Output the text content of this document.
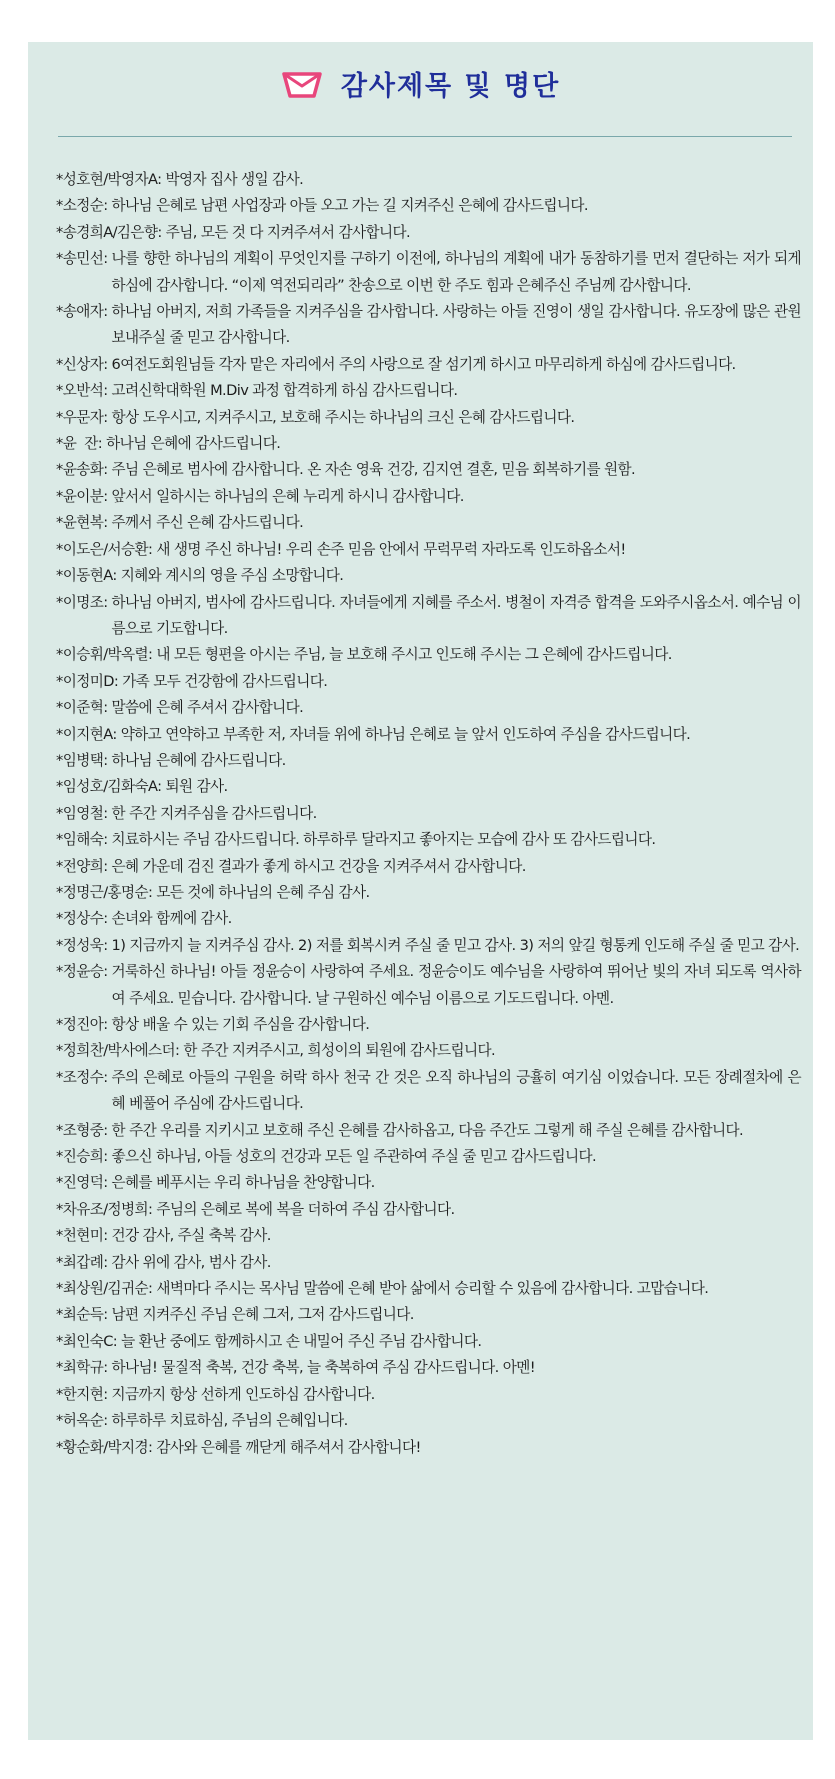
감사제목 및 명단
*성호현/박영자A: 박영자 집사 생일 감사.
*소정순: 하나님 은혜로 남편 사업장과 아들 오고 가는 길 지켜주신 은혜에 감사드립니다.
*송경희A/김은향: 주님, 모든 것 다 지켜주셔서 감사합니다.
*송민선: 나를 향한 하나님의 계획이 무엇인지를 구하기 이전에, 하나님의 계획에 내가 동참하기를 먼저 결단하는 저가 되게 하심에 감사합니다. “이제 역전되리라” 찬송으로 이번 한 주도 힘과 은혜주신 주님께 감사합니다.
*송애자: 하나님 아버지, 저희 가족들을 지켜주심을 감사합니다. 사랑하는 아들 진영이 생일 감사합니다. 유도장에 많은 관원 보내주실 줄 믿고 감사합니다.
*신상자: 6여전도회원님들 각자 맡은 자리에서 주의 사랑으로 잘 섬기게 하시고 마무리하게 하심에 감사드립니다.
*오반석: 고려신학대학원 M.Div 과정 합격하게 하심 감사드립니다.
*우문자: 항상 도우시고, 지켜주시고, 보호해 주시는 하나님의 크신 은혜 감사드립니다.
*윤  잔: 하나님 은혜에 감사드립니다.
*윤송화: 주님 은혜로 범사에 감사합니다. 온 자손 영육 건강, 김지연 결혼, 믿음 회복하기를 원함.
*윤이분: 앞서서 일하시는 하나님의 은혜 누리게 하시니 감사합니다.
*윤현복: 주께서 주신 은혜 감사드립니다.
*이도은/서승환: 새 생명 주신 하나님! 우리 손주 믿음 안에서 무럭무럭 자라도록 인도하옵소서!
*이동현A: 지혜와 계시의 영을 주심 소망합니다.
*이명조: 하나님 아버지, 범사에 감사드립니다. 자녀들에게 지혜를 주소서. 병철이 자격증 합격을 도와주시옵소서. 예수님 이름으로 기도합니다.
*이승휘/박옥렬: 내 모든 형편을 아시는 주님, 늘 보호해 주시고 인도해 주시는 그 은혜에 감사드립니다.
*이정미D: 가족 모두 건강함에 감사드립니다.
*이준혁: 말씀에 은혜 주셔서 감사합니다.
*이지현A: 약하고 연약하고 부족한 저, 자녀들 위에 하나님 은혜로 늘 앞서 인도하여 주심을 감사드립니다.
*임병택: 하나님 은혜에 감사드립니다.
*임성호/김화숙A: 퇴원 감사.
*임영철: 한 주간 지켜주심을 감사드립니다.
*임해숙: 치료하시는 주님 감사드립니다. 하루하루 달라지고 좋아지는 모습에 감사 또 감사드립니다.
*전양희: 은혜 가운데 검진 결과가 좋게 하시고 건강을 지켜주셔서 감사합니다.
*정명근/홍명순: 모든 것에 하나님의 은혜 주심 감사.
*정상수: 손녀와 함께에 감사.
*정성욱: 1) 지금까지 늘 지켜주심 감사. 2) 저를 회복시켜 주실 줄 믿고 감사. 3) 저의 앞길 형통케 인도해 주실 줄 믿고 감사.
*정윤승: 거룩하신 하나님! 아들 정윤승이 사랑하여 주세요. 정윤승이도 예수님을 사랑하여 뛰어난 빛의 자녀 되도록 역사하여 주세요. 믿습니다. 감사합니다. 날 구원하신 예수님 이름으로 기도드립니다. 아멘.
*정진아: 항상 배울 수 있는 기회 주심을 감사합니다.
*정희찬/박사에스더: 한 주간 지켜주시고, 희성이의 퇴원에 감사드립니다.
*조정수: 주의 은혜로 아들의 구원을 허락 하사 천국 간 것은 오직 하나님의 긍휼히 여기심 이었습니다. 모든 장례절차에 은혜 베풀어 주심에 감사드립니다.
*조형중: 한 주간 우리를 지키시고 보호해 주신 은혜를 감사하옵고, 다음 주간도 그렇게 해 주실 은혜를 감사합니다.
*진승희: 좋으신 하나님, 아들 성호의 건강과 모든 일 주관하여 주실 줄 믿고 감사드립니다.
*진영덕: 은혜를 베푸시는 우리 하나님을 찬양합니다.
*차유조/정병희: 주님의 은혜로 복에 복을 더하여 주심 감사합니다.
*천현미: 건강 감사, 주실 축복 감사.
*최갑례: 감사 위에 감사, 범사 감사.
*최상원/김귀순: 새벽마다 주시는 목사님 말씀에 은혜 받아 삶에서 승리할 수 있음에 감사합니다. 고맙습니다.
*최순득: 남편 지켜주신 주님 은혜 그저, 그저 감사드립니다.
*최인숙C: 늘 환난 중에도 함께하시고 손 내밀어 주신 주님 감사합니다.
*최학규: 하나님! 물질적 축복, 건강 축복, 늘 축복하여 주심 감사드립니다. 아멘!
*한지현: 지금까지 항상 선하게 인도하심 감사합니다.
*허옥순: 하루하루 치료하심, 주님의 은혜입니다.
*황순화/박지경: 감사와 은혜를 깨닫게 해주셔서 감사합니다!
